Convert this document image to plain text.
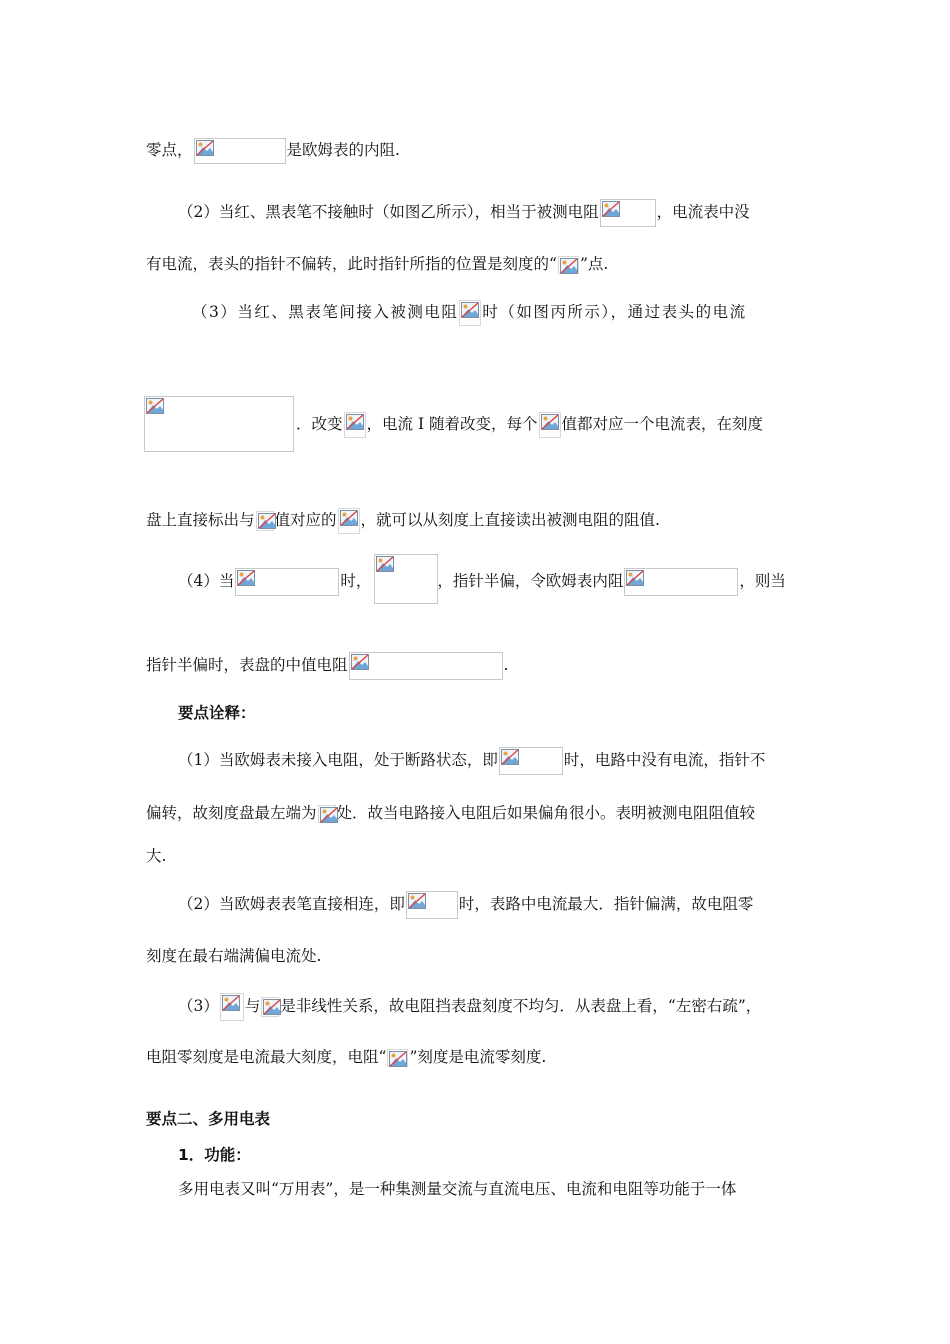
零点，	是欧姆表的内阻.
（2）当红、黑表笔不接触时（如图乙所示），相当于被测电阻	，电流表中没
有电流，表头的指针不偏转，此时指针所指的位置是刻度的“ ”点.
（3）当红、黑表笔间接入被测电阻 时（如图丙所示），通过表头的电流
．改变 ，电流 I 随着改变，每个 值都对应一个电流表，在刻度
盘上直接标出与 值对应的 ，就可以从刻度上直接读出被测电阻的阻值.
（4）当	时，	，指针半偏，令欧姆表内阻	，则当
指针半偏时，表盘的中值电阻	.
要点诠释：
（1）当欧姆表未接入电阻，处于断路状态，即	时，电路中没有电流，指针不
偏转，故刻度盘最左端为 处．故当电路接入电阻后如果偏角很小。表明被测电阻阻值较
大.
（2）当欧姆表表笔直接相连，即	时，表路中电流最大．指针偏满，故电阻零
刻度在最右端满偏电流处.
（3） 与 是非线性关系，故电阻挡表盘刻度不均匀．从表盘上看，“左密右疏”，
电阻零刻度是电流最大刻度，电阻“ ”刻度是电流零刻度.
要点二、多用电表
1．功能：
多用电表又叫“万用表”，是一种集测量交流与直流电压、电流和电阻等功能于一体
